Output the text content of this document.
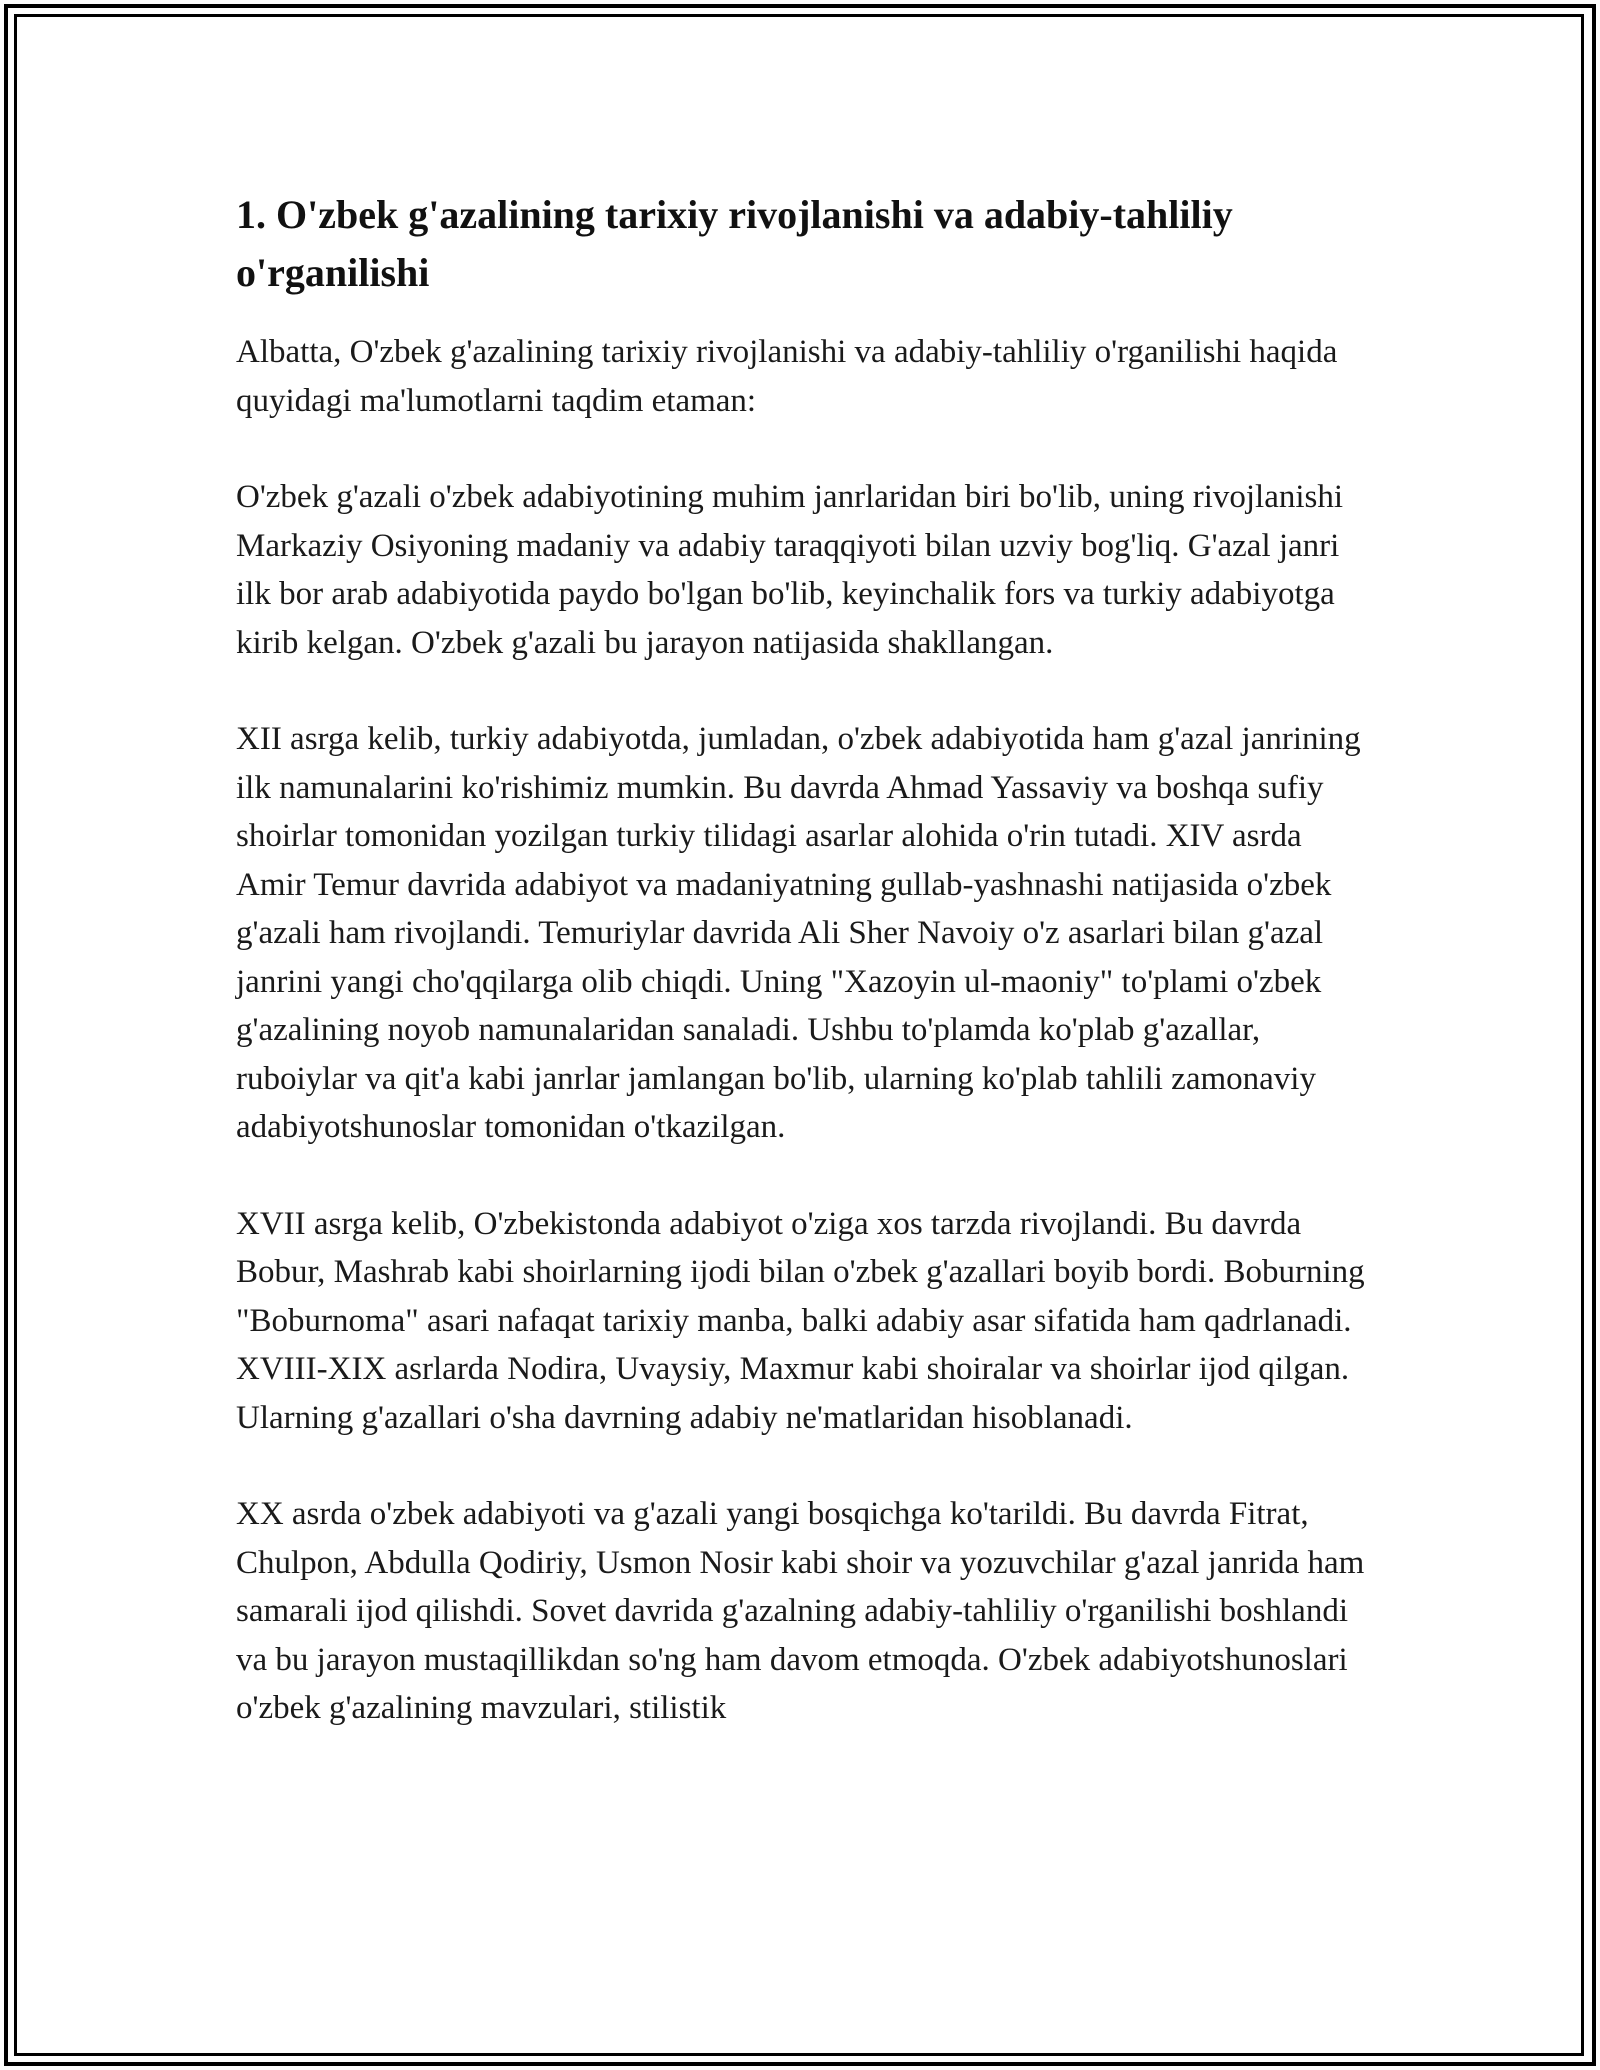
1. O'zbek g'azalining tarixiy rivojlanishi va adabiy-tahliliy o'rganilishi

Albatta, O'zbek g'azalining tarixiy rivojlanishi va adabiy-tahliliy o'rganilishi haqida quyidagi ma'lumotlarni taqdim etaman:

O'zbek g'azali o'zbek adabiyotining muhim janrlaridan biri bo'lib, uning rivojlanishi Markaziy Osiyoning madaniy va adabiy taraqqiyoti bilan uzviy bog'liq. G'azal janri ilk bor arab adabiyotida paydo bo'lgan bo'lib, keyinchalik fors va turkiy adabiyotga kirib kelgan. O'zbek g'azali bu jarayon natijasida shakllangan.

XII asrga kelib, turkiy adabiyotda, jumladan, o'zbek adabiyotida ham g'azal janrining ilk namunalarini ko'rishimiz mumkin. Bu davrda Ahmad Yassaviy va boshqa sufiy shoirlar tomonidan yozilgan turkiy tilidagi asarlar alohida o'rin tutadi. XIV asrda Amir Temur davrida adabiyot va madaniyatning gullab-yashnashi natijasida o'zbek g'azali ham rivojlandi. Temuriylar davrida Ali Sher Navoiy o'z asarlari bilan g'azal janrini yangi cho'qqilarga olib chiqdi. Uning "Xazoyin ul-maoniy" to'plami o'zbek g'azalining noyob namunalaridan sanaladi. Ushbu to'plamda ko'plab g'azallar, ruboiylar va qit'a kabi janrlar jamlangan bo'lib, ularning ko'plab tahlili zamonaviy adabiyotshunoslar tomonidan o'tkazilgan.

XVII asrga kelib, O'zbekistonda adabiyot o'ziga xos tarzda rivojlandi. Bu davrda Bobur, Mashrab kabi shoirlarning ijodi bilan o'zbek g'azallari boyib bordi. Boburning "Boburnoma" asari nafaqat tarixiy manba, balki adabiy asar sifatida ham qadrlanadi. XVIII-XIX asrlarda Nodira, Uvaysiy, Maxmur kabi shoiralar va shoirlar ijod qilgan. Ularning g'azallari o'sha davrning adabiy ne'matlaridan hisoblanadi.

XX asrda o'zbek adabiyoti va g'azali yangi bosqichga ko'tarildi. Bu davrda Fitrat, Chulpon, Abdulla Qodiriy, Usmon Nosir kabi shoir va yozuvchilar g'azal janrida ham samarali ijod qilishdi. Sovet davrida g'azalning adabiy-tahliliy o'rganilishi boshlandi va bu jarayon mustaqillikdan so'ng ham davom etmoqda. O'zbek adabiyotshunoslari o'zbek g'azalining mavzulari, stilistik
